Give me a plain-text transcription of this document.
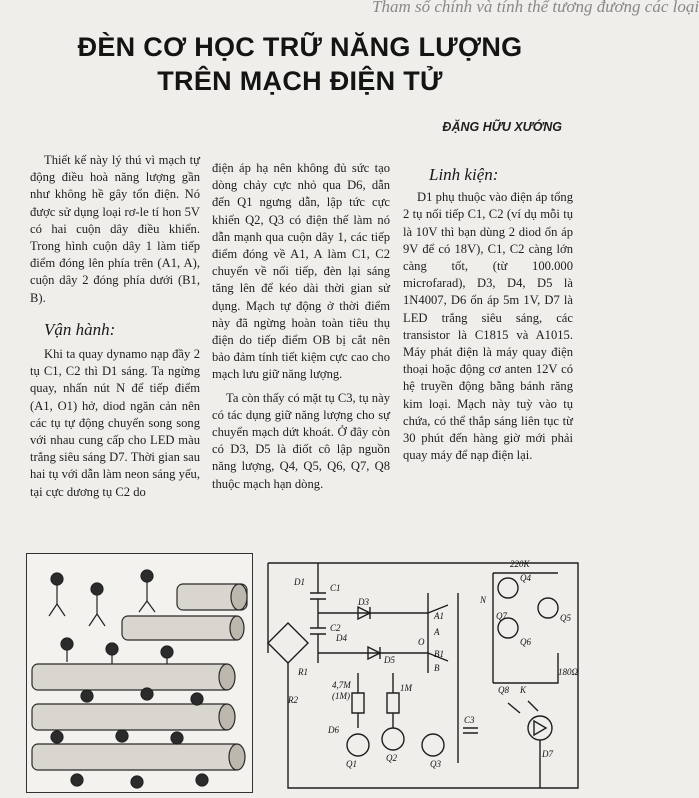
Tham số chính và tính thế tương đương các loại
ĐÈN CƠ HỌC TRỮ NĂNG LƯỢNG
TRÊN MẠCH ĐIỆN TỬ
ĐẶNG HỮU XƯỚNG

Thiết kế này lý thú vì mạch tự động điều hoà năng lượng gần như không hề gây tổn điện. Nó được sử dụng loại rơ-le tí hon 5V có hai cuộn dây điều khiển. Trong hình cuộn dây 1 làm tiếp điểm đóng lên phía trên (A1, A), cuộn dây 2 đóng phía dưới (B1, B).

Vận hành:

Khi ta quay dynamo nạp đầy 2 tụ C1, C2 thì D1 sáng. Ta ngừng quay, nhấn nút N để tiếp điểm (A1, O1) hở, diod ngăn cản nên các tụ tự động chuyển song song với nhau cung cấp cho LED màu trắng siêu sáng D7. Thời gian sau hai tụ với dẫn làm neon sáng yếu, tại cực dương tụ C2 do

điện áp hạ nên không đủ sức tạo dòng chảy cực nhỏ qua D6, dẫn đến Q1 ngưng dẫn, lập tức cực khiển Q2, Q3 có điện thế làm nó dẫn mạnh qua cuộn dây 1, các tiếp điểm đóng về A1, A làm C1, C2 chuyển về nối tiếp, đèn lại sáng tăng lên để kéo dài thời gian sử dụng. Mạch tự động ở thời điểm này đã ngừng hoàn toàn tiêu thụ điện do tiếp điểm OB bị cắt nên bảo đảm tính tiết kiệm cực cao cho mạch lưu giữ năng lượng.

Ta còn thấy có mặt tụ C3, tụ này có tác dụng giữ năng lượng cho sự chuyển mạch dứt khoát. Ở đây còn có D3, D5 là điốt cô lập nguồn năng lượng, Q4, Q5, Q6, Q7, Q8 thuộc mạch hạn dòng.

Linh kiện:

D1 phụ thuộc vào điện áp tổng 2 tụ nối tiếp C1, C2 (ví dụ mỗi tụ là 10V thì bạn dùng 2 diod ổn áp 9V để có 18V), C1, C2 càng lớn càng tốt, (từ 100.000 microfarad), D3, D4, D5 là 1N4007, D6 ổn áp 5m 1V, D7 là LED trắng siêu sáng, các transistor là C1815 và A1015. Máy phát điện là máy quay điện thoại hoặc động cơ anten 12V có hệ truyền động bằng bánh răng kim loại. Mạch này tuỳ vào tụ chứa, có thể thắp sáng liên tục từ 30 phút đến hàng giờ mới phải quay máy để nạp điện lại.

D1
C1
C2
D3
D4
D5
D6
D7
R1
R2
4,7M
(1M)
1M
C3
Q1
Q2
Q3
Q4
Q5
Q6
Q7
Q8
A1
A
B
B1
O
N
K
220K
180Ω
